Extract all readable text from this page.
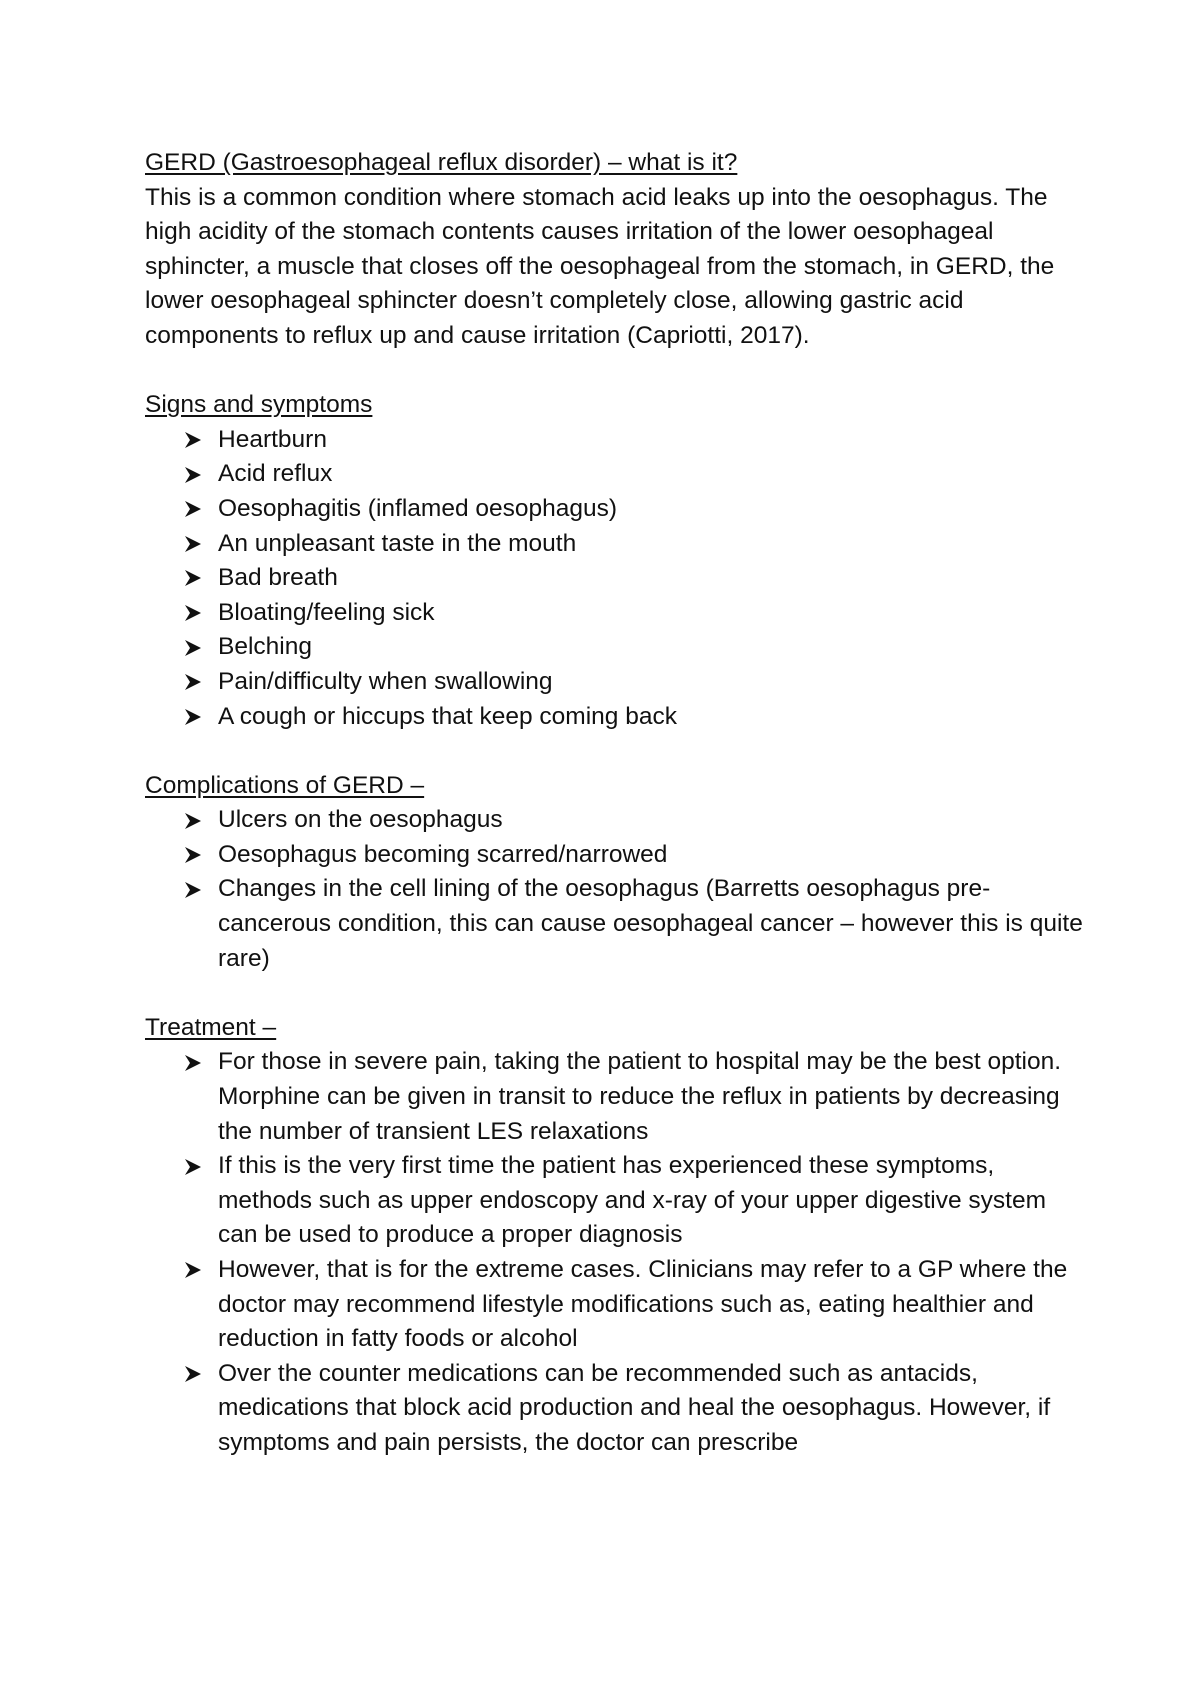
GERD (Gastroesophageal reflux disorder) – what is it?

This is a common condition where stomach acid leaks up into the oesophagus. The high acidity of the stomach contents causes irritation of the lower oesophageal sphincter, a muscle that closes off the oesophageal from the stomach, in GERD, the lower oesophageal sphincter doesn’t completely close, allowing gastric acid components to reflux up and cause irritation (Capriotti, 2017).

Signs and symptoms
Heartburn
Acid reflux
Oesophagitis (inflamed oesophagus)
An unpleasant taste in the mouth
Bad breath
Bloating/feeling sick
Belching
Pain/difficulty when swallowing
A cough or hiccups that keep coming back
Complications of GERD –
Ulcers on the oesophagus
Oesophagus becoming scarred/narrowed
Changes in the cell lining of the oesophagus (Barretts oesophagus pre-cancerous condition, this can cause oesophageal cancer – however this is quite rare)
Treatment –
For those in severe pain, taking the patient to hospital may be the best option. Morphine can be given in transit to reduce the reflux in patients by decreasing the number of transient LES relaxations
If this is the very first time the patient has experienced these symptoms, methods such as upper endoscopy and x-ray of your upper digestive system can be used to produce a proper diagnosis
However, that is for the extreme cases. Clinicians may refer to a GP where the doctor may recommend lifestyle modifications such as, eating healthier and reduction in fatty foods or alcohol
Over the counter medications can be recommended such as antacids, medications that block acid production and heal the oesophagus. However, if symptoms and pain persists, the doctor can prescribe
